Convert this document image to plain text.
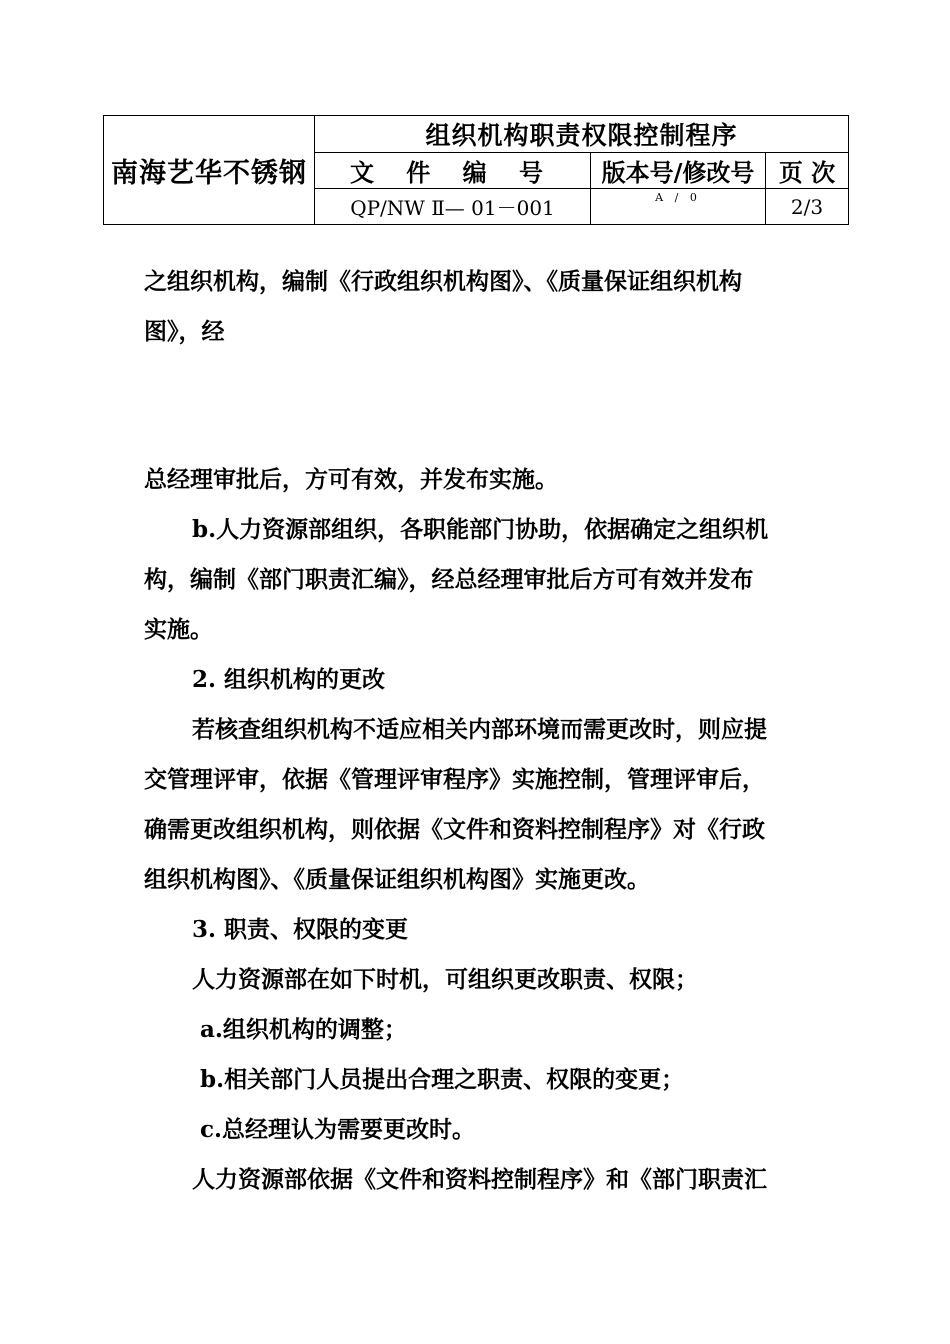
南海艺华不锈钢	组织机构职责权限控制程序		
	文 件 编 号	版本号/修改号	页 次
	QP/NW Ⅱ— 01－001	A / 0	2/3
之组织机构，编制《行政组织机构图》、《质量保证组织机构
图》，经
总经理审批后，方可有效，并发布实施。
b.人力资源部组织，各职能部门协助，依据确定之组织机
构，编制《部门职责汇编》，经总经理审批后方可有效并发布
实施。
2. 组织机构的更改
若核查组织机构不适应相关内部环境而需更改时，则应提
交管理评审，依据《管理评审程序》实施控制，管理评审后，
确需更改组织机构，则依据《文件和资料控制程序》对《行政
组织机构图》、《质量保证组织机构图》实施更改。
3. 职责、权限的变更
人力资源部在如下时机，可组织更改职责、权限；
a.组织机构的调整；
b.相关部门人员提出合理之职责、权限的变更；
c.总经理认为需要更改时。
人力资源部依据《文件和资料控制程序》和《部门职责汇
